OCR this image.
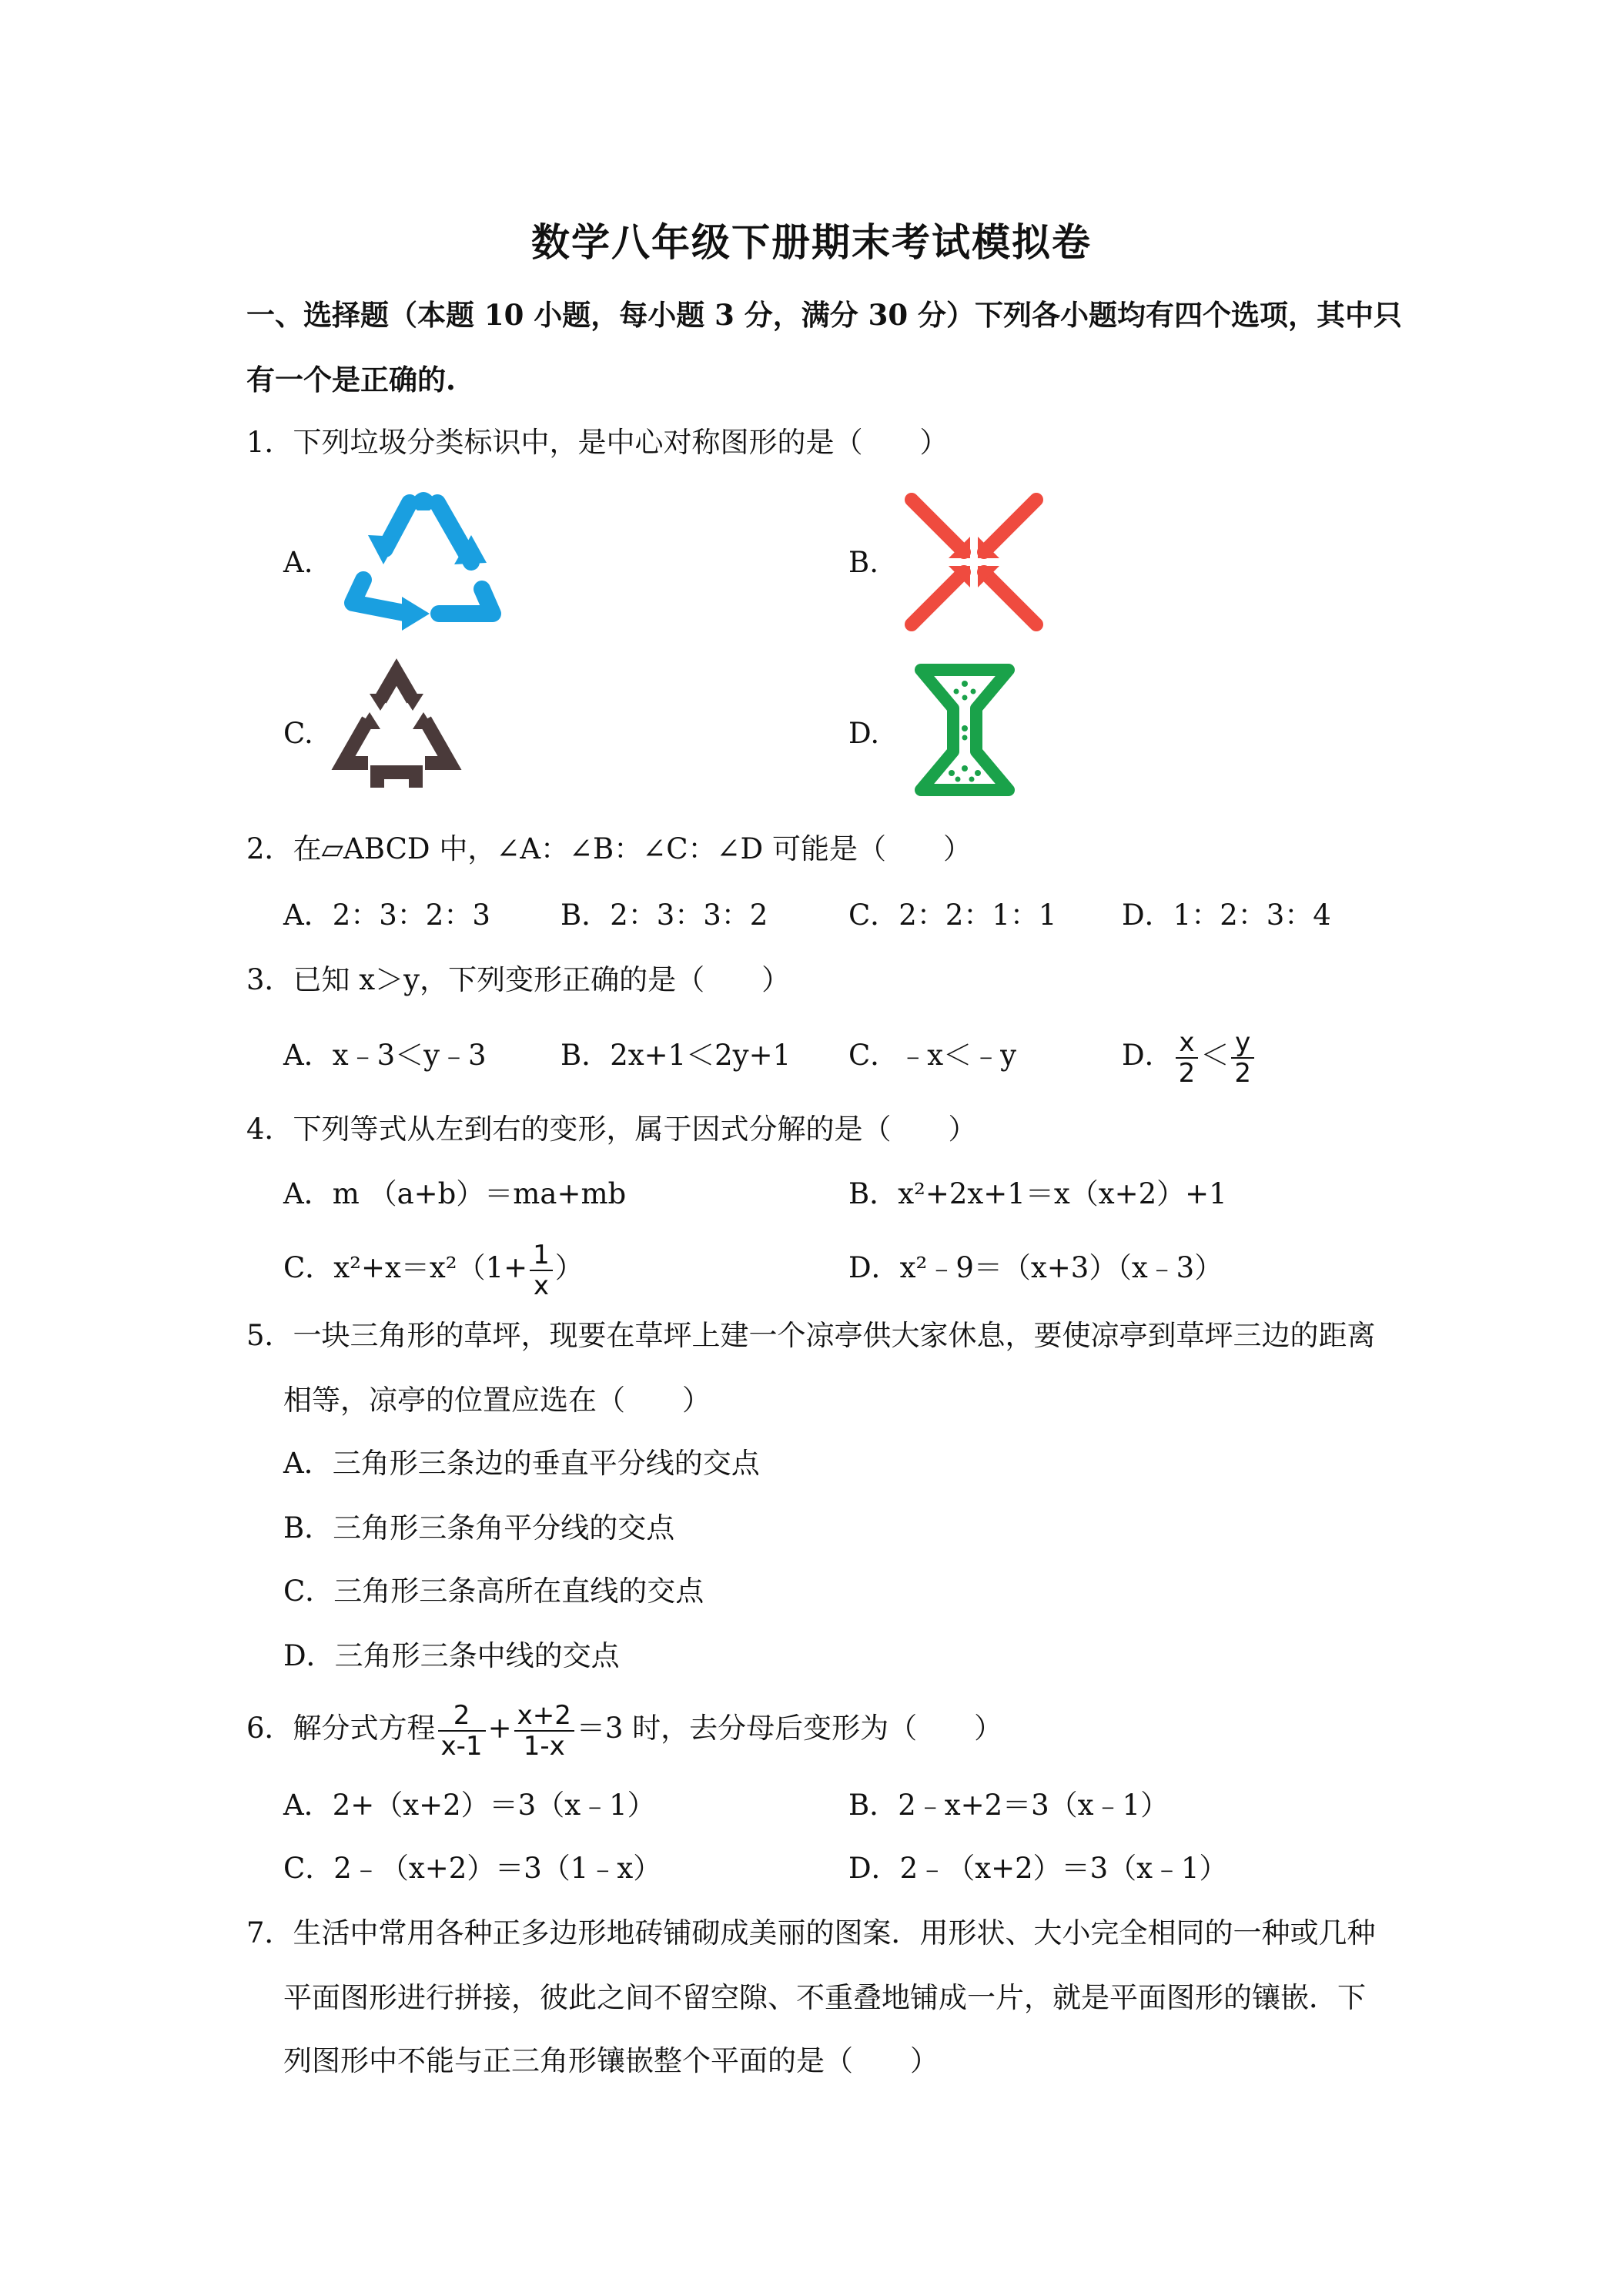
数学八年级下册期末考试模拟卷
一、选择题（本题 10 小题，每小题 3 分，满分 30 分）下列各小题均有四个选项，其中只
有一个是正确的.
1．下列垃圾分类标识中，是中心对称图形的是（　　）
A.	B.
C.	D.
2．在▱ABCD 中，∠A：∠B：∠C：∠D 可能是（　　）
A．2：3：2：3 B．2：3：3：2	C．2：2：1：1 D．1：2：3：4
3．已知 x＞y，下列变形正确的是（　　）
A．x﹣3＜y﹣3	B．2x+1＜2y+1 C．﹣x＜﹣y	D． $\frac{x}{2} < \frac{y}{2}$
4．下列等式从左到右的变形，属于因式分解的是（　　）
A．m （a+b）＝ma+mb	B．x²+2x+1＝x（x+2）+1
C．$x^2+x=x^2(1+ \frac{1}{x}$ ）	D．x²﹣9＝（x+3）（x﹣3）
5．一块三角形的草坪，现要在草坪上建一个凉亭供大家休息，要使凉亭到草坪三边的距离
相等，凉亭的位置应选在（　　）
A．三角形三条边的垂直平分线的交点
B．三角形三条角平分线的交点
C．三角形三条高所在直线的交点
D．三角形三条中线的交点
6．解分式方程 $\frac{2}{x-1} + \frac{x+2}{1-x} =3$ 时，去分母后变形为（　　）
A．2+（x+2）＝3（x﹣1）	B．2﹣x+2＝3（x﹣1）
C．2﹣（x+2）＝3（1﹣x）	D．2﹣（x+2）＝3（x﹣1）
7．生活中常用各种正多边形地砖铺砌成美丽的图案．用形状、大小完全相同的一种或几种
平面图形进行拼接，彼此之间不留空隙、不重叠地铺成一片，就是平面图形的镶嵌．下
列图形中不能与正三角形镶嵌整个平面的是（　　）
